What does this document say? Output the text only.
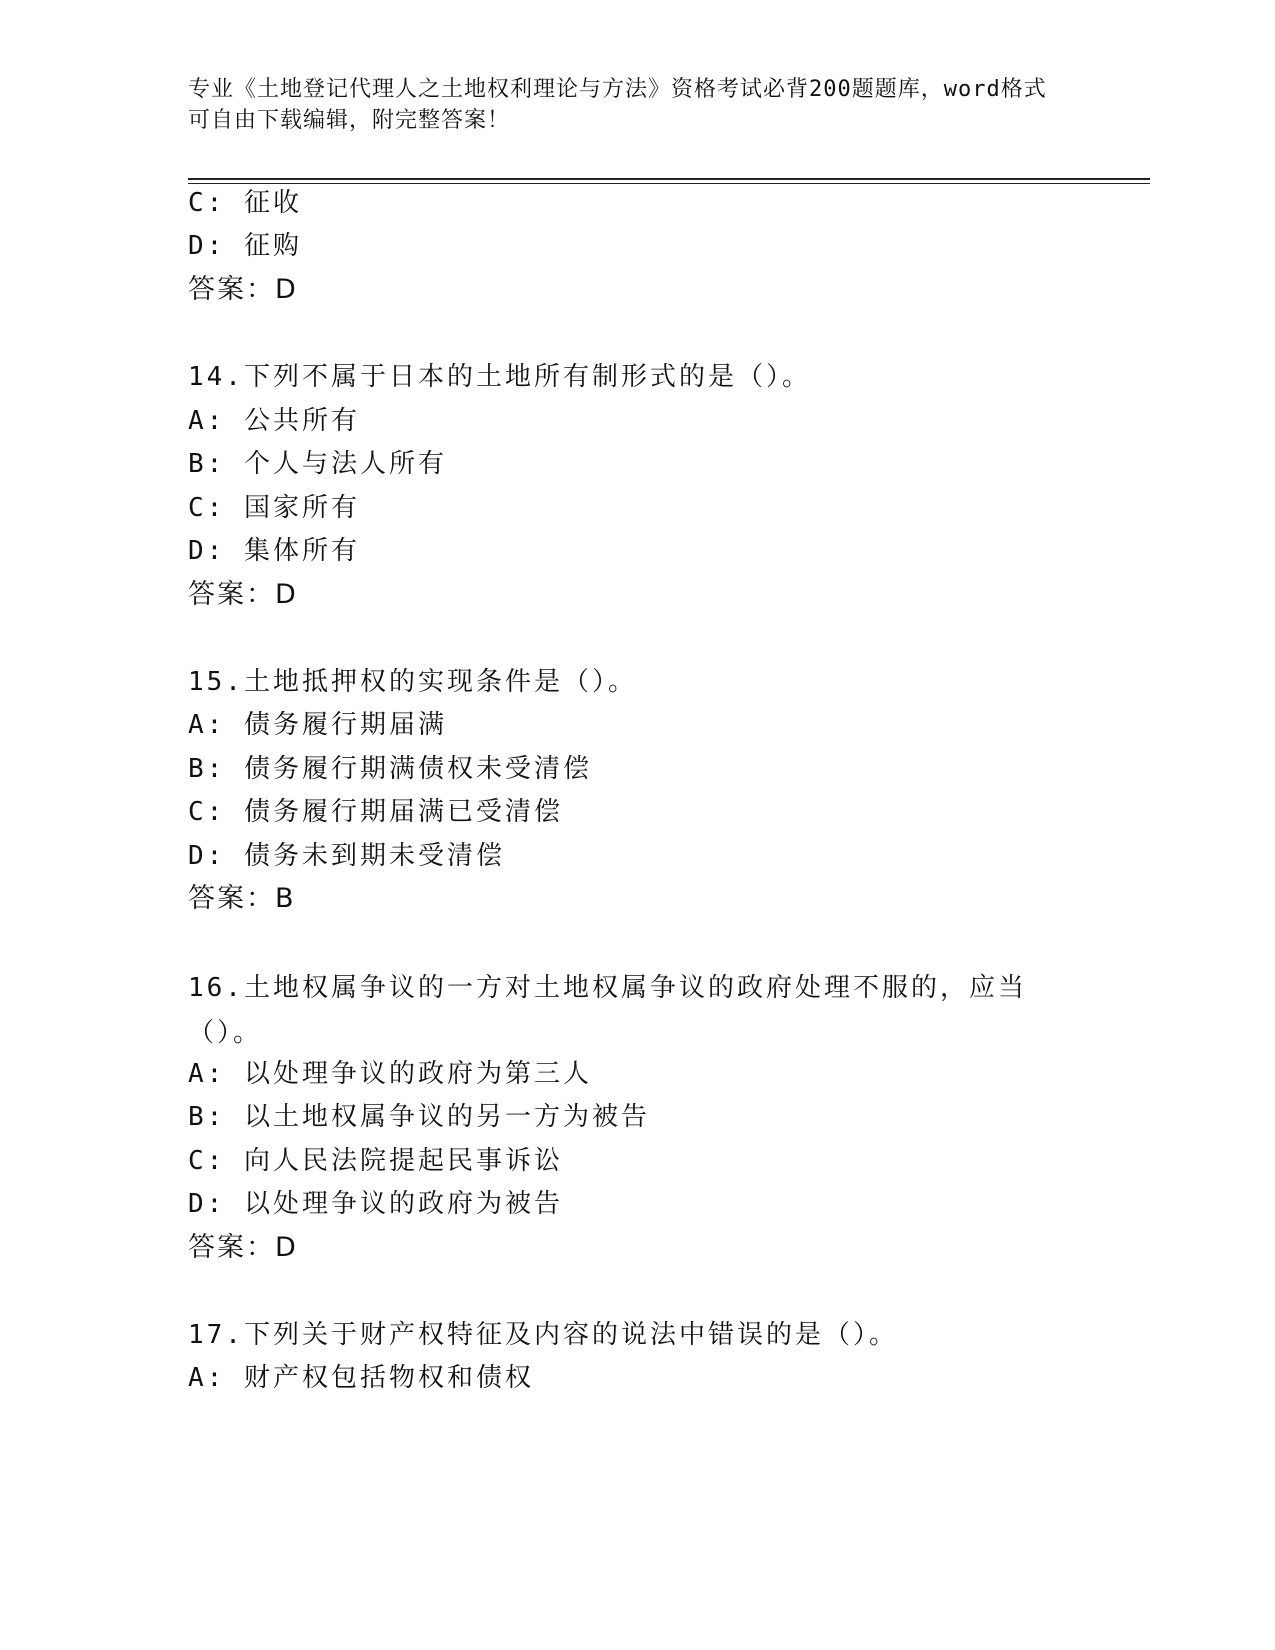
专业《土地登记代理人之土地权利理论与方法》资格考试必背200题题库，word格式可自由下载编辑，附完整答案！
C: 征收
D: 征购
答案：D
14.下列不属于日本的土地所有制形式的是（）。
A: 公共所有
B: 个人与法人所有
C: 国家所有
D: 集体所有
答案：D
15.土地抵押权的实现条件是（）。
A: 债务履行期届满
B: 债务履行期满债权未受清偿
C: 债务履行期届满已受清偿
D: 债务未到期未受清偿
答案：B
16.土地权属争议的一方对土地权属争议的政府处理不服的，应当（）。
A: 以处理争议的政府为第三人
B: 以土地权属争议的另一方为被告
C: 向人民法院提起民事诉讼
D: 以处理争议的政府为被告
答案：D
17.下列关于财产权特征及内容的说法中错误的是（）。
A: 财产权包括物权和债权
